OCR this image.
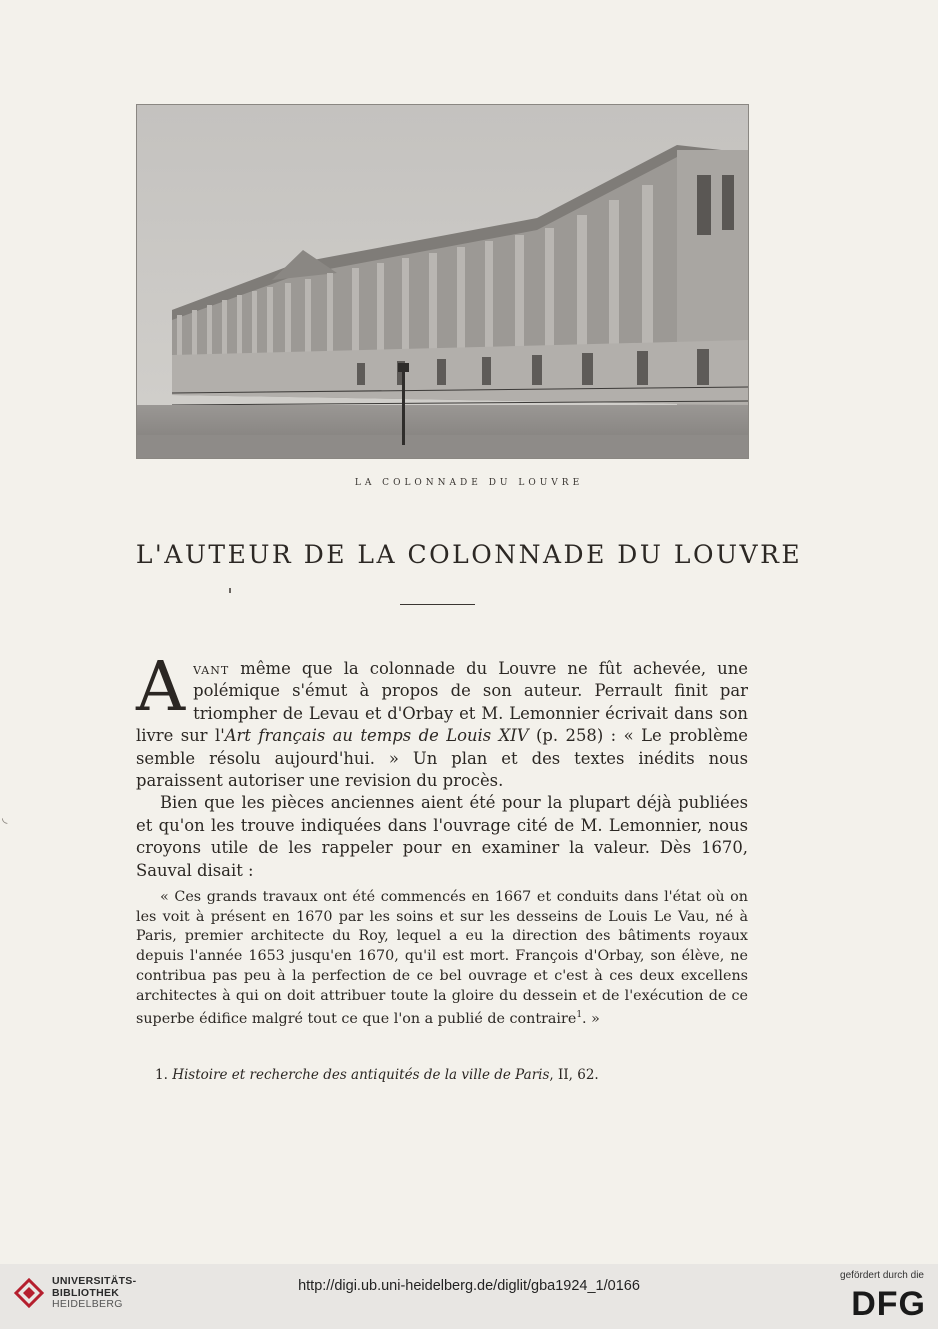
LA COLONNADE DU LOUVRE
L'AUTEUR DE LA COLONNADE DU LOUVRE

Avant même que la colonnade du Louvre ne fût achevée, une polémique s'émut à propos de son auteur. Perrault finit par triompher de Levau et d'Orbay et M. Lemonnier écrivait dans son livre sur l'Art français au temps de Louis XIV (p. 258) : « Le problème semble résolu aujourd'hui. » Un plan et des textes inédits nous paraissent autoriser une revision du procès.

Bien que les pièces anciennes aient été pour la plupart déjà publiées et qu'on les trouve indiquées dans l'ouvrage cité de M. Lemonnier, nous croyons utile de les rappeler pour en examiner la valeur. Dès 1670, Sauval disait :

« Ces grands travaux ont été commencés en 1667 et conduits dans l'état où on les voit à présent en 1670 par les soins et sur les desseins de Louis Le Vau, né à Paris, premier architecte du Roy, lequel a eu la direction des bâtiments royaux depuis l'année 1653 jusqu'en 1670, qu'il est mort. François d'Orbay, son élève, ne contribua pas peu à la perfection de ce bel ouvrage et c'est à ces deux excellens architectes à qui on doit attribuer toute la gloire du dessein et de l'exécution de ce superbe édifice malgré tout ce que l'on a publié de contraire$^1$. »

1. Histoire et recherche des antiquités de la ville de Paris, II, 62.

◟
UNIVERSITÄTS-
BIBLIOTHEK
HEIDELBERG
http://digi.ub.uni-heidelberg.de/diglit/gba1924_1/0166
gefördert durch die
DFG
